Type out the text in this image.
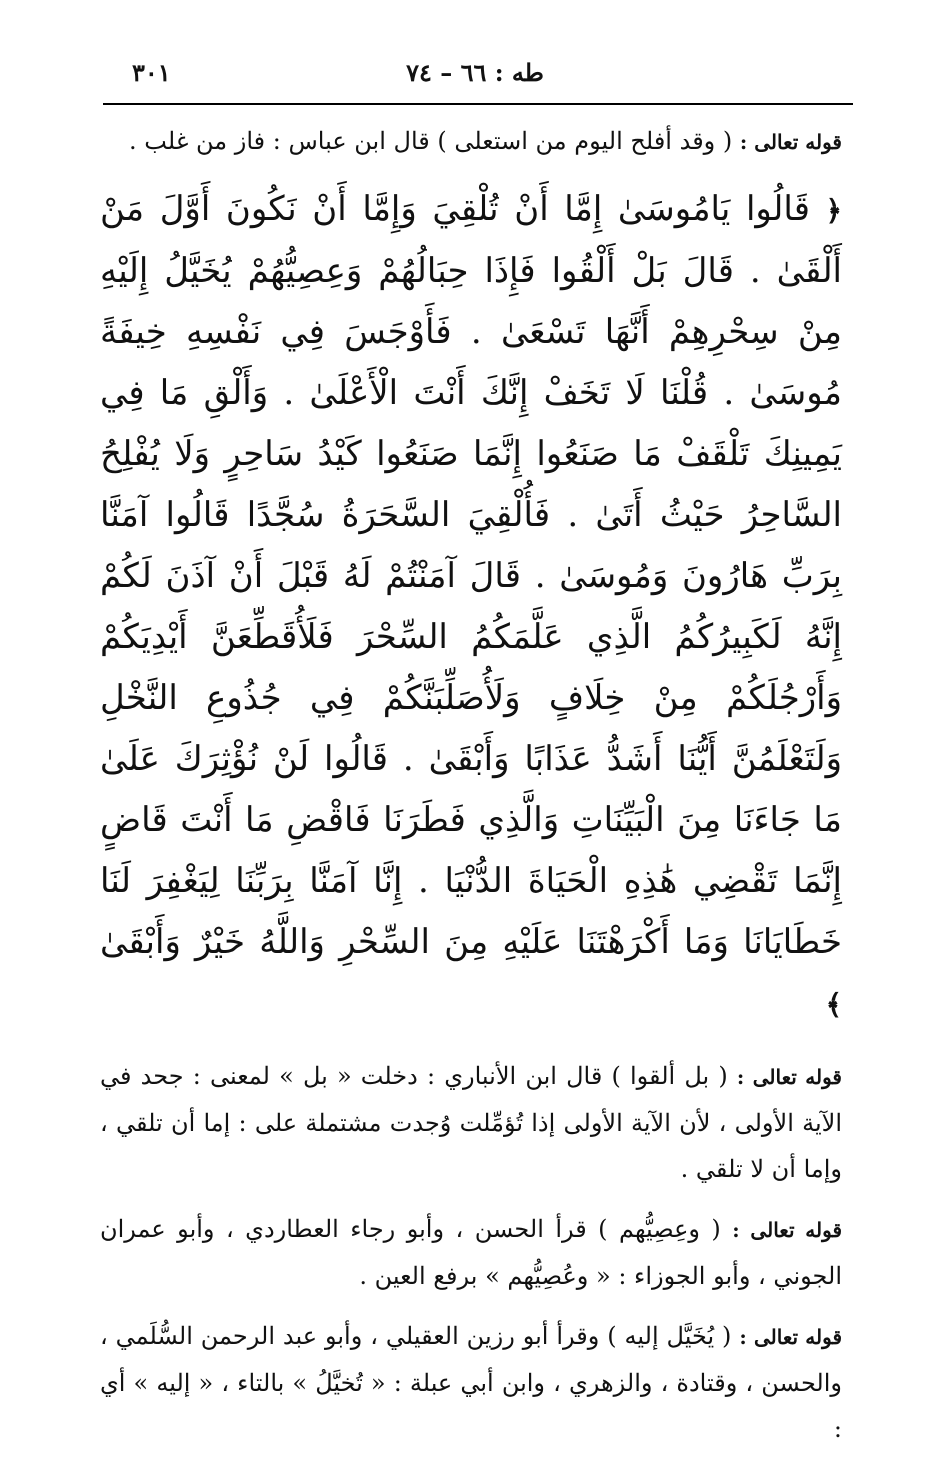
طه : ٦٦ – ٧٤
٣٠١

قوله تعالى : ( وقد أفلح اليوم من استعلى ) قال ابن عباس : فاز من غلب .

﴿ قَالُوا يَامُوسَىٰ إِمَّا أَنْ تُلْقِيَ وَإِمَّا أَنْ نَكُونَ أَوَّلَ مَنْ أَلْقَىٰ . قَالَ بَلْ أَلْقُوا فَإِذَا حِبَالُهُمْ وَعِصِيُّهُمْ يُخَيَّلُ إِلَيْهِ مِنْ سِحْرِهِمْ أَنَّهَا تَسْعَىٰ . فَأَوْجَسَ فِي نَفْسِهِ خِيفَةً مُوسَىٰ . قُلْنَا لَا تَخَفْ إِنَّكَ أَنْتَ الْأَعْلَىٰ . وَأَلْقِ مَا فِي يَمِينِكَ تَلْقَفْ مَا صَنَعُوا إِنَّمَا صَنَعُوا كَيْدُ سَاحِرٍ وَلَا يُفْلِحُ السَّاحِرُ حَيْثُ أَتَىٰ . فَأُلْقِيَ السَّحَرَةُ سُجَّدًا قَالُوا آمَنَّا بِرَبِّ هَارُونَ وَمُوسَىٰ . قَالَ آمَنْتُمْ لَهُ قَبْلَ أَنْ آذَنَ لَكُمْ إِنَّهُ لَكَبِيرُكُمُ الَّذِي عَلَّمَكُمُ السِّحْرَ فَلَأُقَطِّعَنَّ أَيْدِيَكُمْ وَأَرْجُلَكُمْ مِنْ خِلَافٍ وَلَأُصَلِّبَنَّكُمْ فِي جُذُوعِ النَّخْلِ وَلَتَعْلَمُنَّ أَيُّنَا أَشَدُّ عَذَابًا وَأَبْقَىٰ . قَالُوا لَنْ نُؤْثِرَكَ عَلَىٰ مَا جَاءَنَا مِنَ الْبَيِّنَاتِ وَالَّذِي فَطَرَنَا فَاقْضِ مَا أَنْتَ قَاضٍ إِنَّمَا تَقْضِي هَٰذِهِ الْحَيَاةَ الدُّنْيَا . إِنَّا آمَنَّا بِرَبِّنَا لِيَغْفِرَ لَنَا خَطَايَانَا وَمَا أَكْرَهْتَنَا عَلَيْهِ مِنَ السِّحْرِ وَاللَّهُ خَيْرٌ وَأَبْقَىٰ ﴾

قوله تعالى : ( بل ألقوا ) قال ابن الأنباري : دخلت « بل » لمعنى : جحد في الآية الأولى ، لأن الآية الأولى إذا تُؤمِّلت وُجدت مشتملة على : إما أن تلقي ، وإما أن لا تلقي .

قوله تعالى : ( وعِصِيُّهم ) قرأ الحسن ، وأبو رجاء العطاردي ، وأبو عمران الجوني ، وأبو الجوزاء : « وعُصِيُّهم » برفع العين .

قوله تعالى : ( يُخَيَّل إليه ) وقرأ أبو رزين العقيلي ، وأبو عبد الرحمن السُّلَمي ، والحسن ، وقتادة ، والزهري ، وابن أبي عبلة : « تُخيَّلُ » بالتاء ، « إليه » أي :
